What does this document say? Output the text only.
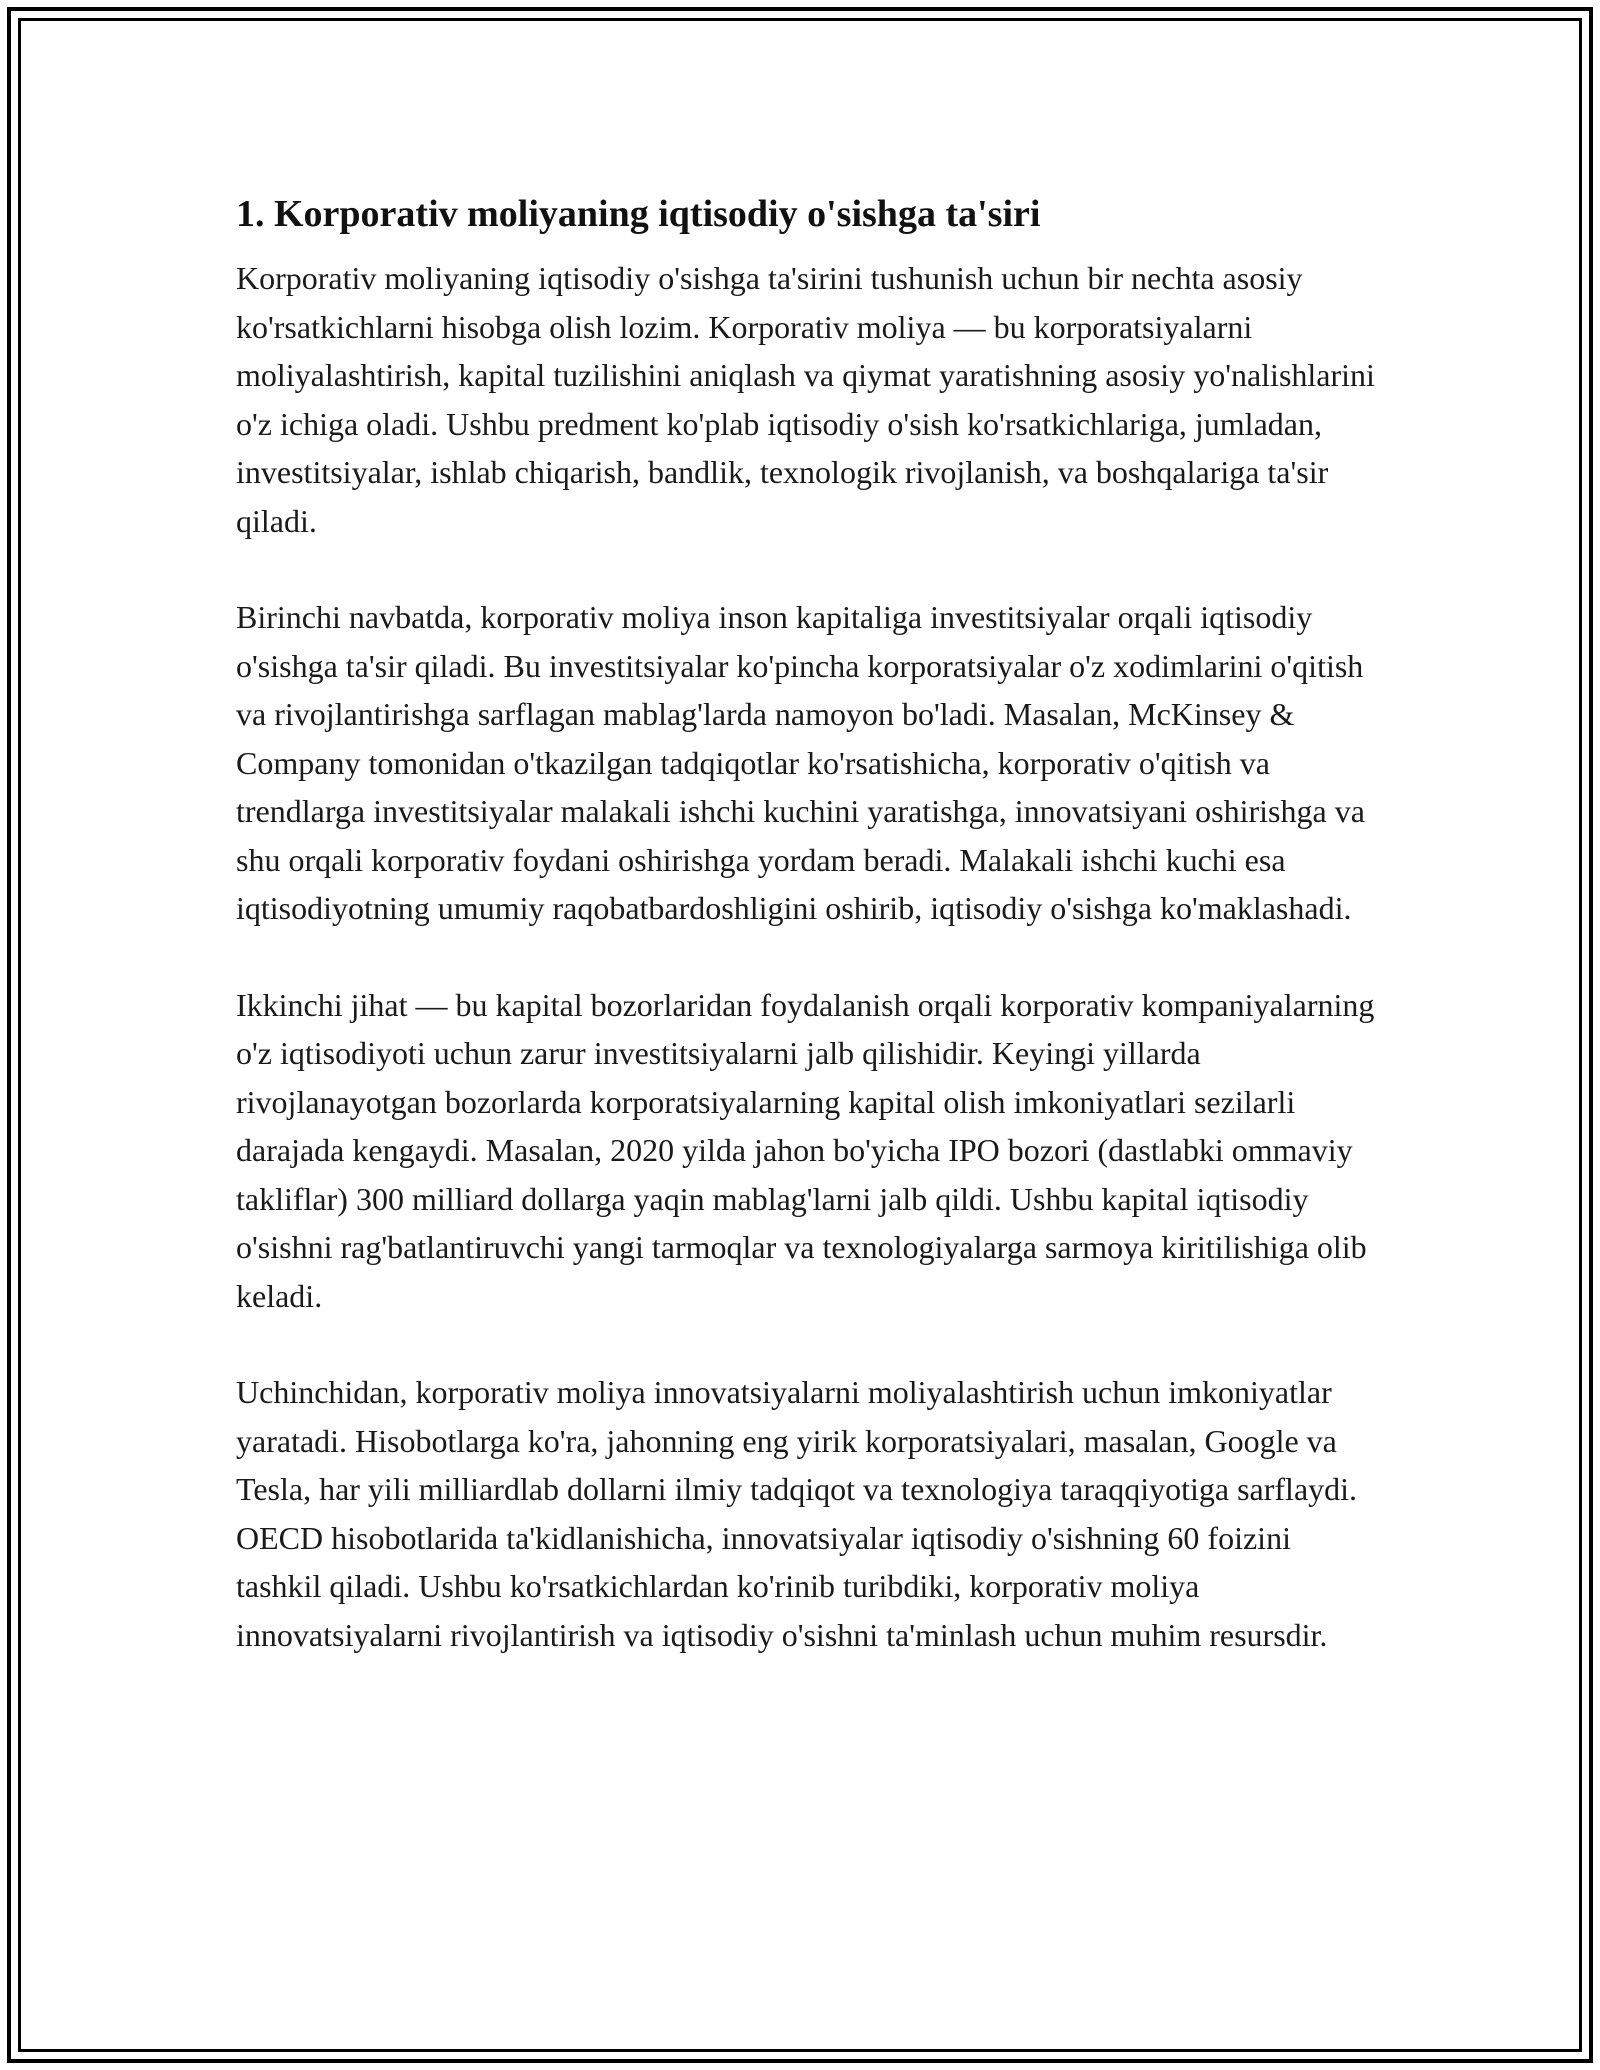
1. Korporativ moliyaning iqtisodiy o'sishga ta'siri

Korporativ moliyaning iqtisodiy o'sishga ta'sirini tushunish uchun bir nechta asosiy ko'rsatkichlarni hisobga olish lozim. Korporativ moliya — bu korporatsiyalarni moliyalashtirish, kapital tuzilishini aniqlash va qiymat yaratishning asosiy yo'nalishlarini o'z ichiga oladi. Ushbu predment ko'plab iqtisodiy o'sish ko'rsatkichlariga, jumladan, investitsiyalar, ishlab chiqarish, bandlik, texnologik rivojlanish, va boshqalariga ta'sir qiladi.

Birinchi navbatda, korporativ moliya inson kapitaliga investitsiyalar orqali iqtisodiy o'sishga ta'sir qiladi. Bu investitsiyalar ko'pincha korporatsiyalar o'z xodimlarini o'qitish va rivojlantirishga sarflagan mablag'larda namoyon bo'ladi. Masalan, McKinsey & Company tomonidan o'tkazilgan tadqiqotlar ko'rsatishicha, korporativ o'qitish va trendlarga investitsiyalar malakali ishchi kuchini yaratishga, innovatsiyani oshirishga va shu orqali korporativ foydani oshirishga yordam beradi. Malakali ishchi kuchi esa iqtisodiyotning umumiy raqobatbardoshligini oshirib, iqtisodiy o'sishga ko'maklashadi.

Ikkinchi jihat — bu kapital bozorlaridan foydalanish orqali korporativ kompaniyalarning o'z iqtisodiyoti uchun zarur investitsiyalarni jalb qilishidir. Keyingi yillarda rivojlanayotgan bozorlarda korporatsiyalarning kapital olish imkoniyatlari sezilarli darajada kengaydi. Masalan, 2020 yilda jahon bo'yicha IPO bozori (dastlabki ommaviy takliflar) 300 milliard dollarga yaqin mablag'larni jalb qildi. Ushbu kapital iqtisodiy o'sishni rag'batlantiruvchi yangi tarmoqlar va texnologiyalarga sarmoya kiritilishiga olib keladi.

Uchinchidan, korporativ moliya innovatsiyalarni moliyalashtirish uchun imkoniyatlar yaratadi. Hisobotlarga ko'ra, jahonning eng yirik korporatsiyalari, masalan, Google va Tesla, har yili milliardlab dollarni ilmiy tadqiqot va texnologiya taraqqiyotiga sarflaydi. OECD hisobotlarida ta'kidlanishicha, innovatsiyalar iqtisodiy o'sishning 60 foizini tashkil qiladi. Ushbu ko'rsatkichlardan ko'rinib turibdiki, korporativ moliya innovatsiyalarni rivojlantirish va iqtisodiy o'sishni ta'minlash uchun muhim resursdir.
